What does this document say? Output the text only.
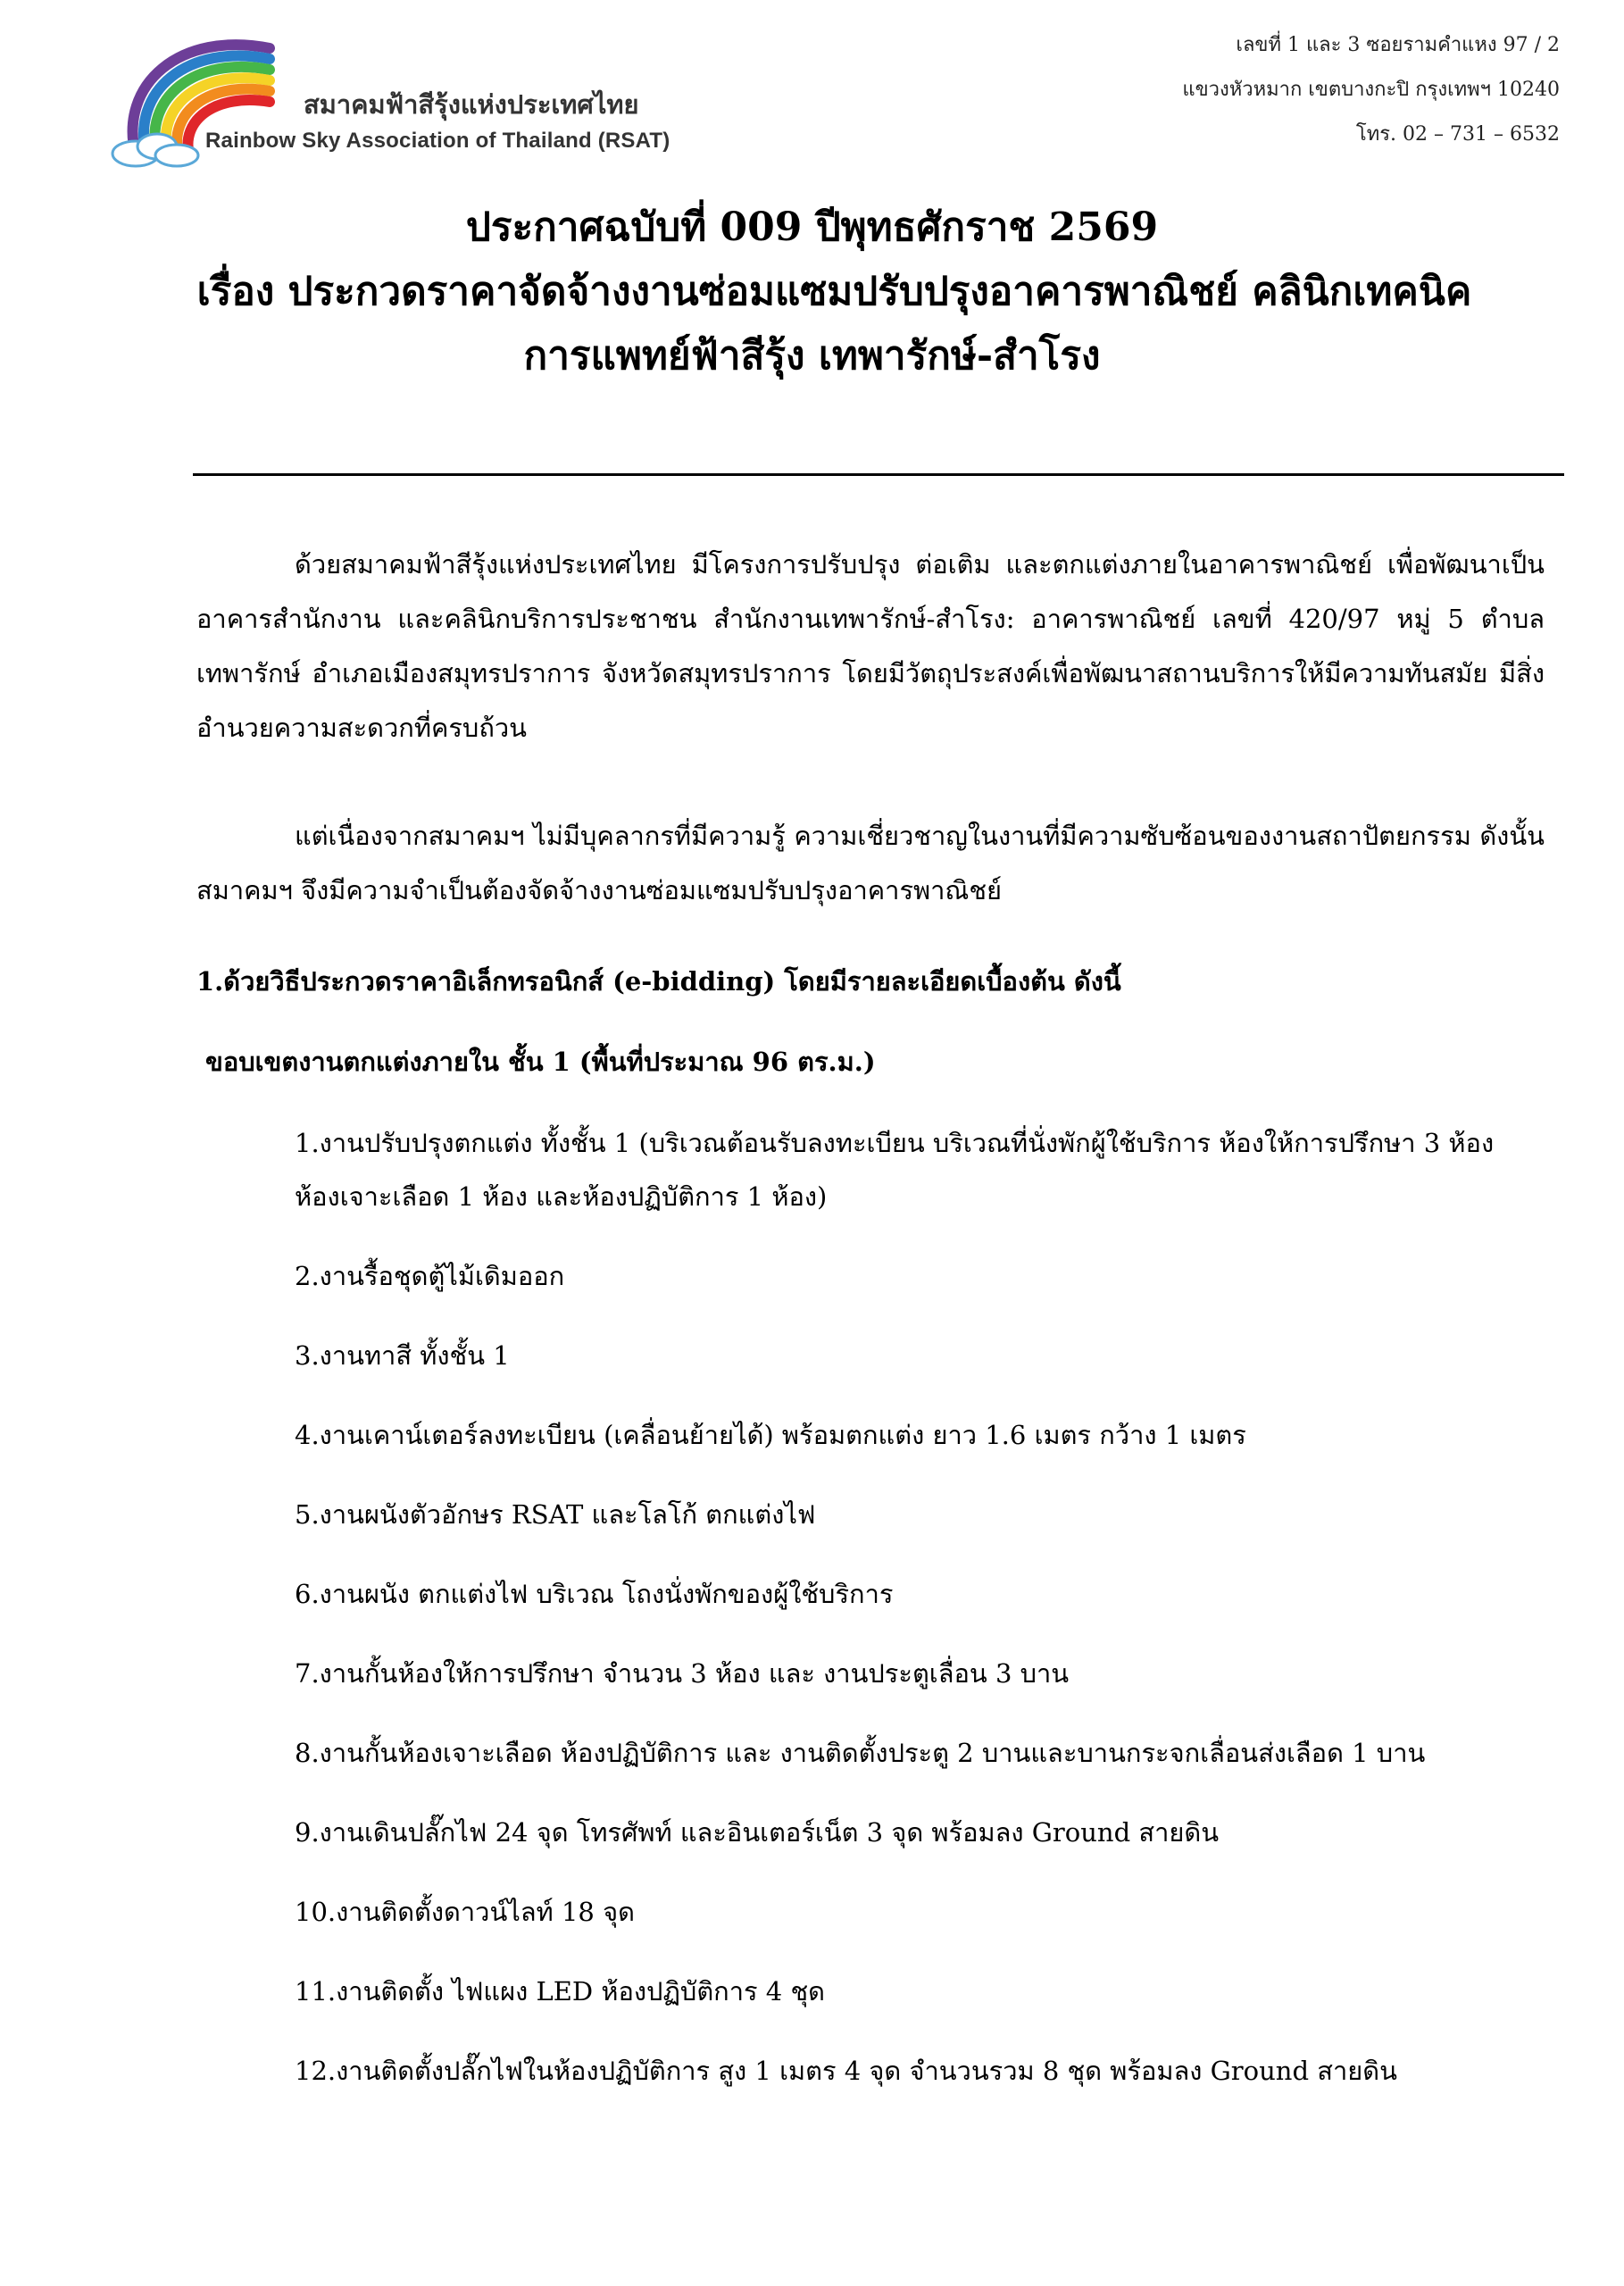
สมาคมฟ้าสีรุ้งแห่งประเทศไทย
Rainbow Sky Association of Thailand (RSAT)
เลขที่ 1 และ 3 ซอยรามคำแหง 97 / 2
แขวงหัวหมาก เขตบางกะปิ กรุงเทพฯ 10240
โทร. 02 – 731 – 6532
ประกาศฉบับที่ 009 ปีพุทธศักราช 2569
เรื่อง ประกวดราคาจัดจ้างงานซ่อมแซมปรับปรุงอาคารพาณิชย์ คลินิกเทคนิค
การแพทย์ฟ้าสีรุ้ง เทพารักษ์-สำโรง
ด้วยสมาคมฟ้าสีรุ้งแห่งประเทศไทย มีโครงการปรับปรุง ต่อเติม และตกแต่งภายในอาคารพาณิชย์ เพื่อพัฒนาเป็นอาคารสำนักงาน และคลินิกบริการประชาชน สำนักงานเทพารักษ์-สำโรง: อาคารพาณิชย์ เลขที่ 420/97 หมู่ 5 ตำบลเทพารักษ์ อำเภอเมืองสมุทรปราการ จังหวัดสมุทรปราการ โดยมีวัตถุประสงค์เพื่อพัฒนาสถานบริการให้มีความทันสมัย มีสิ่งอำนวยความสะดวกที่ครบถ้วน
แต่เนื่องจากสมาคมฯ ไม่มีบุคลากรที่มีความรู้ ความเชี่ยวชาญในงานที่มีความซับซ้อนของงานสถาปัตยกรรม ดังนั้น สมาคมฯ จึงมีความจำเป็นต้องจัดจ้างงานซ่อมแซมปรับปรุงอาคารพาณิชย์
1.ด้วยวิธีประกวดราคาอิเล็กทรอนิกส์ (e-bidding) โดยมีรายละเอียดเบื้องต้น ดังนี้
ขอบเขตงานตกแต่งภายใน ชั้น 1 (พื้นที่ประมาณ 96 ตร.ม.)
1.งานปรับปรุงตกแต่ง ทั้งชั้น 1 (บริเวณต้อนรับลงทะเบียน บริเวณที่นั่งพักผู้ใช้บริการ ห้องให้การปรึกษา 3 ห้อง ห้องเจาะเลือด 1 ห้อง และห้องปฏิบัติการ 1 ห้อง)
2.งานรื้อชุดตู้ไม้เดิมออก
3.งานทาสี ทั้งชั้น 1
4.งานเคาน์เตอร์ลงทะเบียน (เคลื่อนย้ายได้) พร้อมตกแต่ง ยาว 1.6 เมตร กว้าง 1 เมตร
5.งานผนังตัวอักษร RSAT และโลโก้ ตกแต่งไฟ
6.งานผนัง ตกแต่งไฟ บริเวณ โถงนั่งพักของผู้ใช้บริการ
7.งานกั้นห้องให้การปรึกษา จำนวน 3 ห้อง และ งานประตูเลื่อน 3 บาน
8.งานกั้นห้องเจาะเลือด ห้องปฏิบัติการ และ งานติดตั้งประตู 2 บานและบานกระจกเลื่อนส่งเลือด 1 บาน
9.งานเดินปลั๊กไฟ 24 จุด โทรศัพท์ และอินเตอร์เน็ต 3 จุด พร้อมลง Ground สายดิน
10.งานติดตั้งดาวน์ไลท์ 18 จุด
11.งานติดตั้ง ไฟแผง LED ห้องปฏิบัติการ 4 ชุด
12.งานติดตั้งปลั๊กไฟในห้องปฏิบัติการ สูง 1 เมตร 4 จุด จำนวนรวม 8 ชุด พร้อมลง Ground สายดิน
